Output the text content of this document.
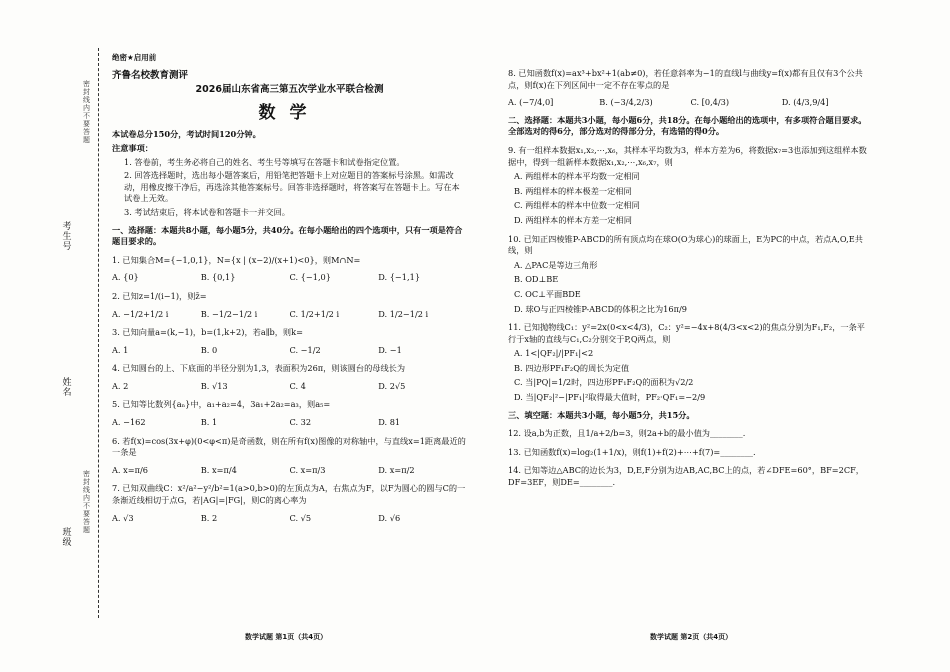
考生号
姓名
班级
密封线内不要答题
密封线内不要答题
绝密★启用前
齐鲁名校教育测评
2026届山东省高三第五次学业水平联合检测
数学
本试卷总分150分，考试时间120分钟。
注意事项：
1. 答卷前，考生务必将自己的姓名、考生号等填写在答题卡和试卷指定位置。
2. 回答选择题时，选出每小题答案后，用铅笔把答题卡上对应题目的答案标号涂黑。如需改动，用橡皮擦干净后，再选涂其他答案标号。回答非选择题时，将答案写在答题卡上。写在本试卷上无效。
3. 考试结束后，将本试卷和答题卡一并交回。
一、选择题：本题共8小题，每小题5分，共40分。在每小题给出的四个选项中，只有一项是符合题目要求的。
1. 已知集合M={−1,0,1}，N={x | (x−2)/(x+1)<0}，则M∩N=
A. {0}	B. {0,1}	C. {−1,0}	D. {−1,1}
2. 已知z=1/(i−1)，则z̄=
A. −1/2+1/2 i	B. −1/2−1/2 i	C. 1/2+1/2 i	D. 1/2−1/2 i
3. 已知向量a=(k,−1)，b=(1,k+2)，若a∥b，则k=
A. 1	B. 0	C. −1/2	D. −1
4. 已知圆台的上、下底面的半径分别为1,3，表面积为26π，则该圆台的母线长为
A. 2	B. √13	C. 4	D. 2√5
5. 已知等比数列{aₙ}中，a₁+a₂=4，3a₁+2a₂=a₃，则a₅=
A. −162	B. 1	C. 32	D. 81
6. 若f(x)=cos(3x+φ)(0<φ<π)是奇函数，则在所有f(x)图像的对称轴中，与直线x=1距离最近的一条是
A. x=π/6	B. x=π/4	C. x=π/3	D. x=π/2
7. 已知双曲线C：x²/a²−y²/b²=1(a>0,b>0)的左顶点为A，右焦点为F，以F为圆心的圆与C的一条渐近线相切于点G，若|AG|=|FG|，则C的离心率为
A. √3	B. 2	C. √5	D. √6
数学试题 第1页（共4页）
8. 已知函数f(x)=ax³+bx²+1(ab≠0)，若任意斜率为−1的直线l与曲线y=f(x)都有且仅有3个公共点，则f(x)在下列区间中一定不存在零点的是
A. (−7/4,0]	B. (−3/4,2/3)	C. [0,4/3)	D. (4/3,9/4]
二、选择题：本题共3小题，每小题6分，共18分。在每小题给出的选项中，有多项符合题目要求。全部选对的得6分，部分选对的得部分分，有选错的得0分。
9. 有一组样本数据x₁,x₂,⋯,x₆，其样本平均数为3，样本方差为6，将数据x₇=3也添加到这组样本数据中，得到一组新样本数据x₁,x₂,⋯,x₆,x₇，则
A. 两组样本的样本平均数一定相同
B. 两组样本的样本极差一定相同
C. 两组样本的样本中位数一定相同
D. 两组样本的样本方差一定相同
10. 已知正四棱锥P-ABCD的所有顶点均在球O(O为球心)的球面上，E为PC的中点，若点A,O,E共线，则
A. △PAC是等边三角形
B. OD⊥BE
C. OC⊥平面BDE
D. 球O与正四棱锥P-ABCD的体积之比为16π/9
11. 已知抛物线C₁：y²=2x(0<x<4/3)，C₂：y²=−4x+8(4/3<x<2)的焦点分别为F₁,F₂，一条平行于x轴的直线与C₁,C₂分别交于P,Q两点，则
A. 1<|QF₂|/|PF₁|<2
B. 四边形PF₁F₂Q的周长为定值
C. 当|PQ|=1/2时，四边形PF₁F₂Q的面积为√2/2
D. 当|QF₂|²−|PF₁|²取得最大值时，PF₂·QF₁=−2/9
三、填空题：本题共3小题，每小题5分，共15分。
12. 设a,b为正数，且1/a+2/b=3，则2a+b的最小值为________.
13. 已知函数f(x)=log₂(1+1/x)，则f(1)+f(2)+⋯+f(7)=________.
14. 已知等边△ABC的边长为3，D,E,F分别为边AB,AC,BC上的点，若∠DFE=60°，BF=2CF，DF=3EF，则DE=________.
数学试题 第2页（共4页）
